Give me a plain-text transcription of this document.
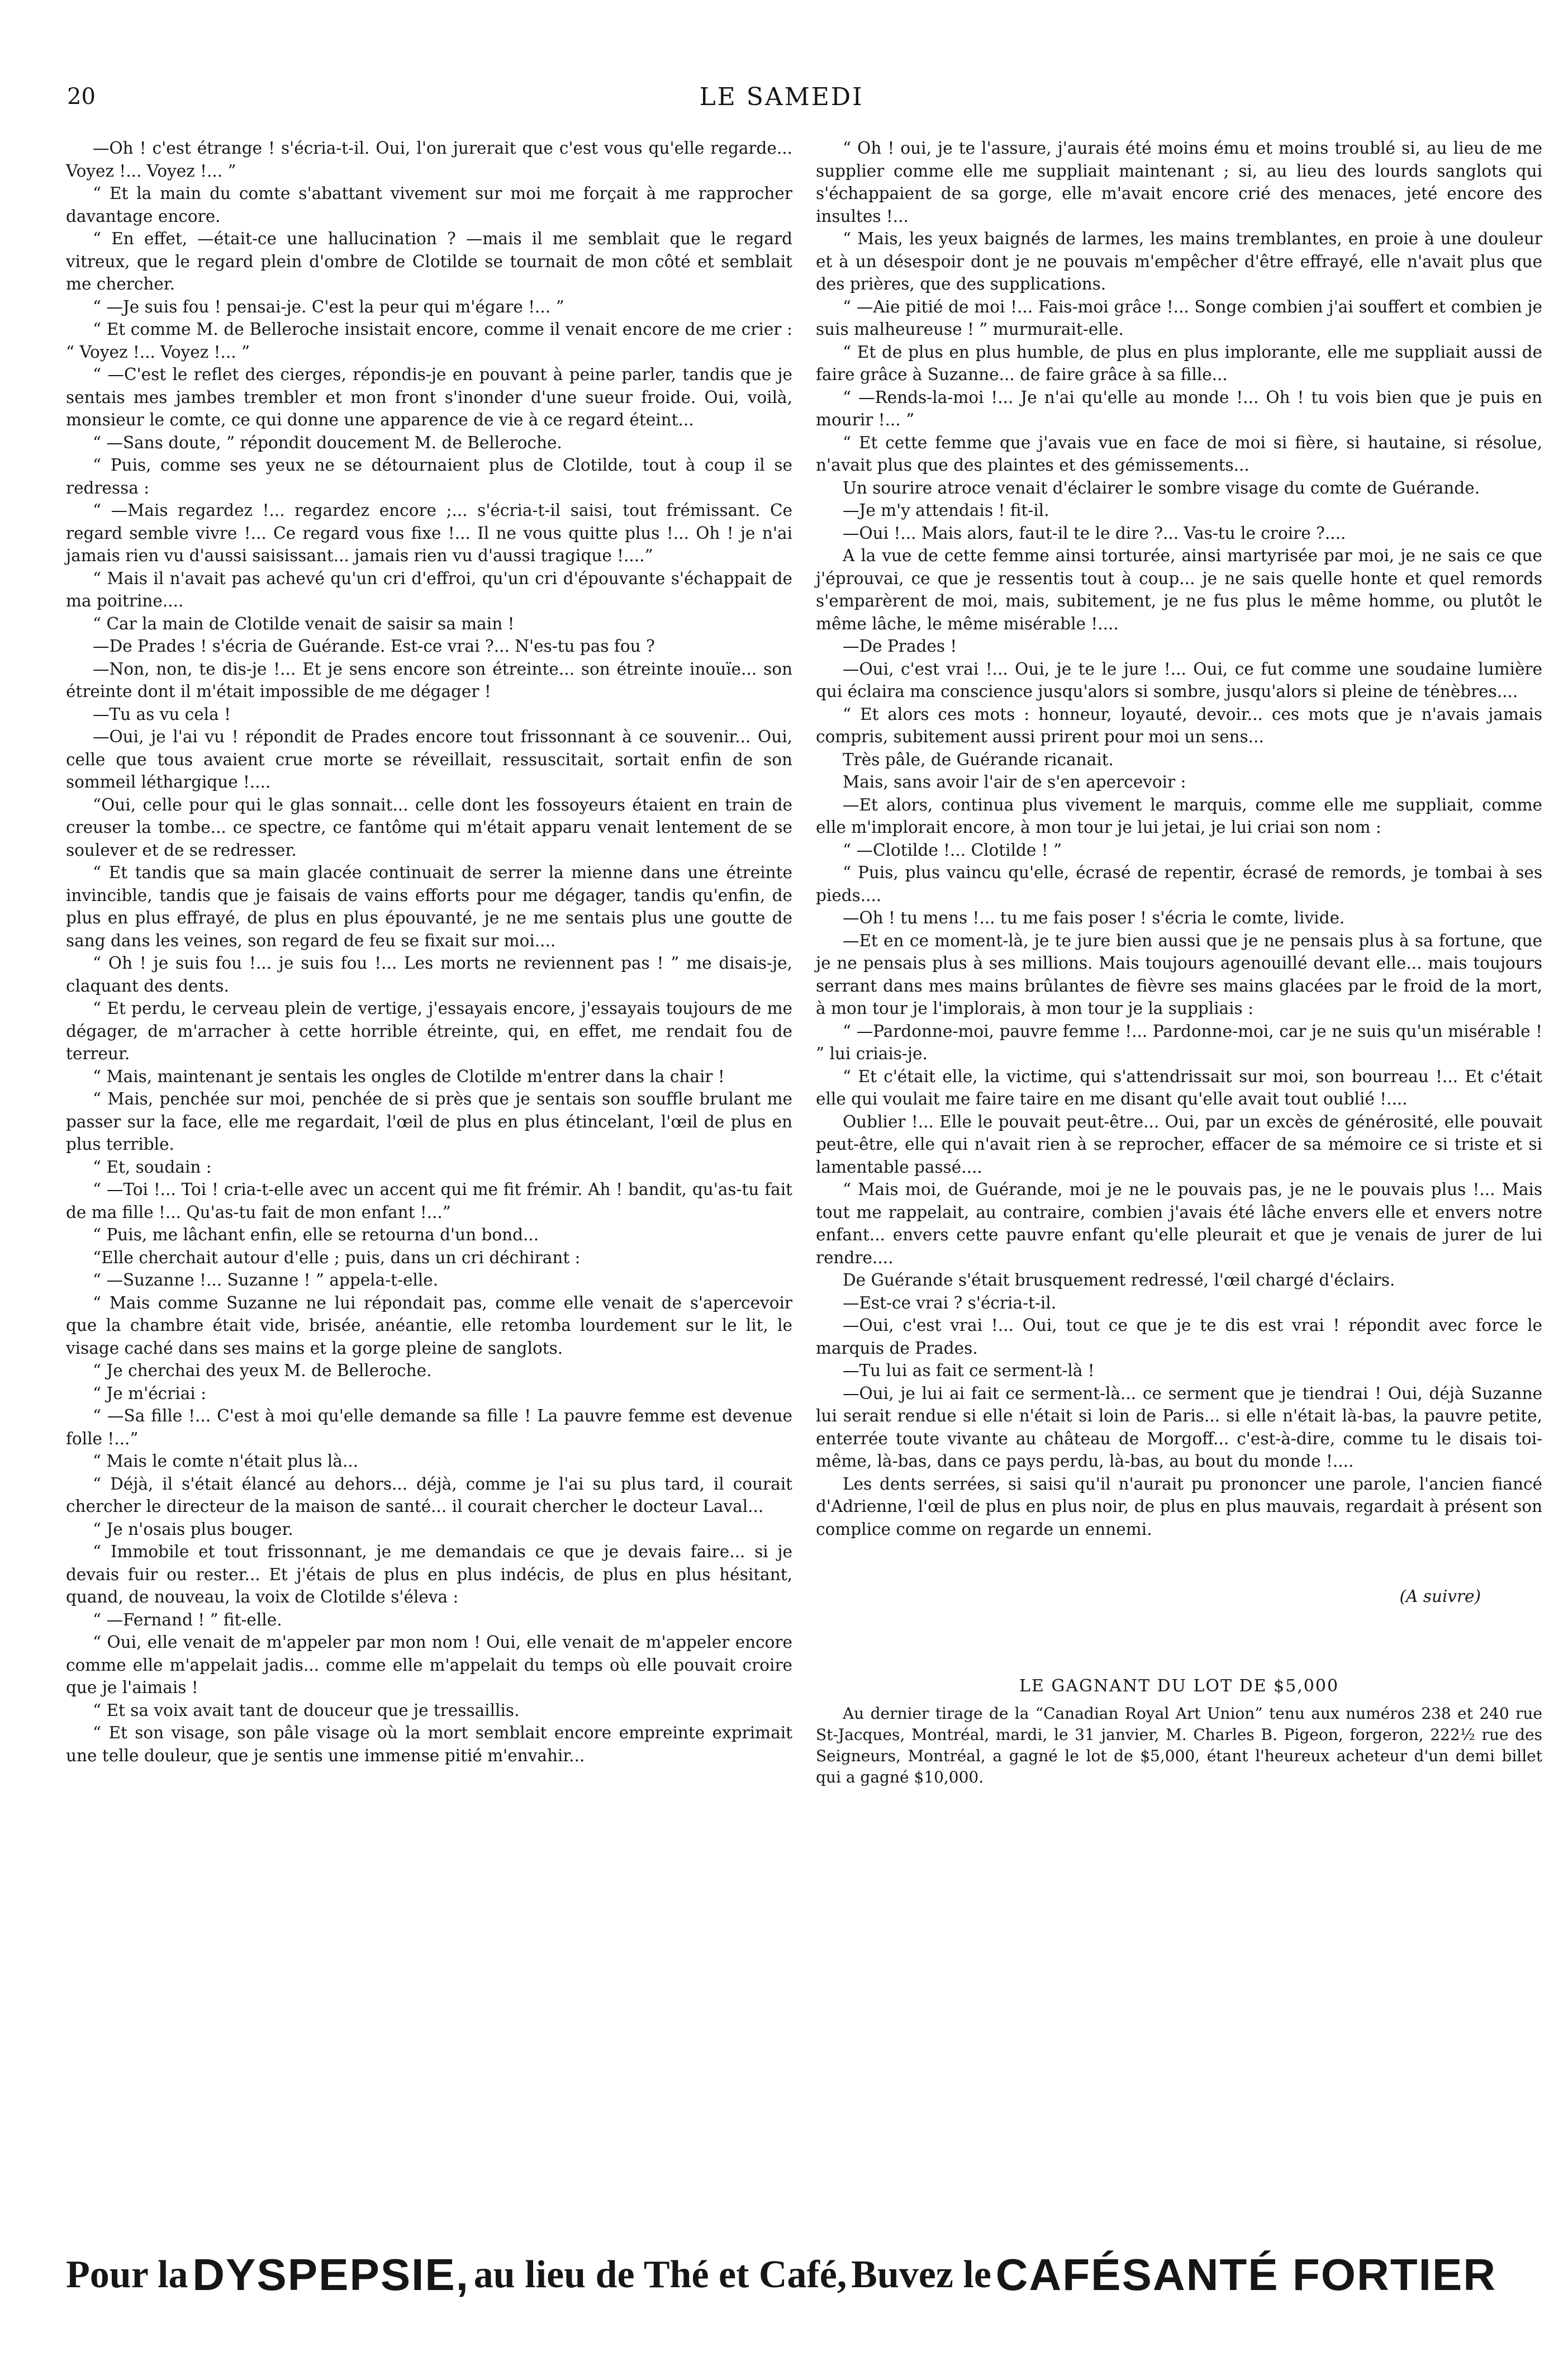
20	LE SAMEDI

—Oh ! c'est étrange ! s'écria-t-il. Oui, l'on jurerait que c'est vous qu'elle regarde... Voyez !... Voyez !... ”

“ Et la main du comte s'abattant vivement sur moi me forçait à me rapprocher davantage encore.

“ En effet, —était-ce une hallucination ? —mais il me semblait que le regard vitreux, que le regard plein d'ombre de Clotilde se tournait de mon côté et semblait me chercher.

“ —Je suis fou ! pensai-je. C'est la peur qui m'égare !... ”

“ Et comme M. de Belleroche insistait encore, comme il venait encore de me crier : “ Voyez !... Voyez !... ”

“ —C'est le reflet des cierges, répondis-je en pouvant à peine parler, tandis que je sentais mes jambes trembler et mon front s'inonder d'une sueur froide. Oui, voilà, monsieur le comte, ce qui donne une apparence de vie à ce regard éteint...

“ —Sans doute, ” répondit doucement M. de Belleroche.

“ Puis, comme ses yeux ne se détournaient plus de Clotilde, tout à coup il se redressa :

“ —Mais regardez !... regardez encore ;... s'écria-t-il saisi, tout frémissant. Ce regard semble vivre !... Ce regard vous fixe !... Il ne vous quitte plus !... Oh ! je n'ai jamais rien vu d'aussi saisissant... jamais rien vu d'aussi tragique !....”

“ Mais il n'avait pas achevé qu'un cri d'effroi, qu'un cri d'épouvante s'échappait de ma poitrine....

“ Car la main de Clotilde venait de saisir sa main !

—De Prades ! s'écria de Guérande. Est-ce vrai ?... N'es-tu pas fou ?

—Non, non, te dis-je !... Et je sens encore son étreinte... son étreinte inouïe... son étreinte dont il m'était impossible de me dégager !

—Tu as vu cela !

—Oui, je l'ai vu ! répondit de Prades encore tout frissonnant à ce souvenir... Oui, celle que tous avaient crue morte se réveillait, ressuscitait, sortait enfin de son sommeil léthargique !....

“Oui, celle pour qui le glas sonnait... celle dont les fossoyeurs étaient en train de creuser la tombe... ce spectre, ce fantôme qui m'était apparu venait lentement de se soulever et de se redresser.

“ Et tandis que sa main glacée continuait de serrer la mienne dans une étreinte invincible, tandis que je faisais de vains efforts pour me dégager, tandis qu'enfin, de plus en plus effrayé, de plus en plus épouvanté, je ne me sentais plus une goutte de sang dans les veines, son regard de feu se fixait sur moi....

“ Oh ! je suis fou !... je suis fou !... Les morts ne reviennent pas ! ” me disais-je, claquant des dents.

“ Et perdu, le cerveau plein de vertige, j'essayais encore, j'essayais toujours de me dégager, de m'arracher à cette horrible étreinte, qui, en effet, me rendait fou de terreur.

“ Mais, maintenant je sentais les ongles de Clotilde m'entrer dans la chair !

“ Mais, penchée sur moi, penchée de si près que je sentais son souffle brulant me passer sur la face, elle me regardait, l'œil de plus en plus étincelant, l'œil de plus en plus terrible.

“ Et, soudain :

“ —Toi !... Toi ! cria-t-elle avec un accent qui me fit frémir. Ah ! bandit, qu'as-tu fait de ma fille !... Qu'as-tu fait de mon enfant !...”

“ Puis, me lâchant enfin, elle se retourna d'un bond...

“Elle cherchait autour d'elle ; puis, dans un cri déchirant :

“ —Suzanne !... Suzanne ! ” appela-t-elle.

“ Mais comme Suzanne ne lui répondait pas, comme elle venait de s'apercevoir que la chambre était vide, brisée, anéantie, elle retomba lourdement sur le lit, le visage caché dans ses mains et la gorge pleine de sanglots.

“ Je cherchai des yeux M. de Belleroche.

“ Je m'écriai :

“ —Sa fille !... C'est à moi qu'elle demande sa fille ! La pauvre femme est devenue folle !...”

“ Mais le comte n'était plus là...

“ Déjà, il s'était élancé au dehors... déjà, comme je l'ai su plus tard, il courait chercher le directeur de la maison de santé... il courait chercher le docteur Laval...

“ Je n'osais plus bouger.

“ Immobile et tout frissonnant, je me demandais ce que je devais faire... si je devais fuir ou rester... Et j'étais de plus en plus indécis, de plus en plus hésitant, quand, de nouveau, la voix de Clotilde s'éleva :

“ —Fernand ! ” fit-elle.

“ Oui, elle venait de m'appeler par mon nom ! Oui, elle venait de m'appeler encore comme elle m'appelait jadis... comme elle m'appelait du temps où elle pouvait croire que je l'aimais !

“ Et sa voix avait tant de douceur que je tressaillis.

“ Et son visage, son pâle visage où la mort semblait encore empreinte exprimait une telle douleur, que je sentis une immense pitié m'envahir...

“ Oh ! oui, je te l'assure, j'aurais été moins ému et moins troublé si, au lieu de me supplier comme elle me suppliait maintenant ; si, au lieu des lourds sanglots qui s'échappaient de sa gorge, elle m'avait encore crié des menaces, jeté encore des insultes !...

“ Mais, les yeux baignés de larmes, les mains tremblantes, en proie à une douleur et à un désespoir dont je ne pouvais m'empêcher d'être effrayé, elle n'avait plus que des prières, que des supplications.

“ —Aie pitié de moi !... Fais-moi grâce !... Songe combien j'ai souffert et combien je suis malheureuse ! ” murmurait-elle.

“ Et de plus en plus humble, de plus en plus implorante, elle me suppliait aussi de faire grâce à Suzanne... de faire grâce à sa fille...

“ —Rends-la-moi !... Je n'ai qu'elle au monde !... Oh ! tu vois bien que je puis en mourir !... ”

“ Et cette femme que j'avais vue en face de moi si fière, si hautaine, si résolue, n'avait plus que des plaintes et des gémissements...

Un sourire atroce venait d'éclairer le sombre visage du comte de Guérande.

—Je m'y attendais ! fit-il.

—Oui !... Mais alors, faut-il te le dire ?... Vas-tu le croire ?....

A la vue de cette femme ainsi torturée, ainsi martyrisée par moi, je ne sais ce que j'éprouvai, ce que je ressentis tout à coup... je ne sais quelle honte et quel remords s'emparèrent de moi, mais, subitement, je ne fus plus le même homme, ou plutôt le même lâche, le même misérable !....

—De Prades !

—Oui, c'est vrai !... Oui, je te le jure !... Oui, ce fut comme une soudaine lumière qui éclaira ma conscience jusqu'alors si sombre, jusqu'alors si pleine de ténèbres....

“ Et alors ces mots : honneur, loyauté, devoir... ces mots que je n'avais jamais compris, subitement aussi prirent pour moi un sens...

Très pâle, de Guérande ricanait.

Mais, sans avoir l'air de s'en apercevoir :

—Et alors, continua plus vivement le marquis, comme elle me suppliait, comme elle m'implorait encore, à mon tour je lui jetai, je lui criai son nom :

“ —Clotilde !... Clotilde ! ”

“ Puis, plus vaincu qu'elle, écrasé de repentir, écrasé de remords, je tombai à ses pieds....

—Oh ! tu mens !... tu me fais poser ! s'écria le comte, livide.

—Et en ce moment-là, je te jure bien aussi que je ne pensais plus à sa fortune, que je ne pensais plus à ses millions. Mais toujours agenouillé devant elle... mais toujours serrant dans mes mains brûlantes de fièvre ses mains glacées par le froid de la mort, à mon tour je l'implorais, à mon tour je la suppliais :

“ —Pardonne-moi, pauvre femme !... Pardonne-moi, car je ne suis qu'un misérable ! ” lui criais-je.

“ Et c'était elle, la victime, qui s'attendrissait sur moi, son bourreau !... Et c'était elle qui voulait me faire taire en me disant qu'elle avait tout oublié !....

Oublier !... Elle le pouvait peut-être... Oui, par un excès de générosité, elle pouvait peut-être, elle qui n'avait rien à se reprocher, effacer de sa mémoire ce si triste et si lamentable passé....

“ Mais moi, de Guérande, moi je ne le pouvais pas, je ne le pouvais plus !... Mais tout me rappelait, au contraire, combien j'avais été lâche envers elle et envers notre enfant... envers cette pauvre enfant qu'elle pleurait et que je venais de jurer de lui rendre....

De Guérande s'était brusquement redressé, l'œil chargé d'éclairs.

—Est-ce vrai ? s'écria-t-il.

—Oui, c'est vrai !... Oui, tout ce que je te dis est vrai ! répondit avec force le marquis de Prades.

—Tu lui as fait ce serment-là !

—Oui, je lui ai fait ce serment-là... ce serment que je tiendrai ! Oui, déjà Suzanne lui serait rendue si elle n'était si loin de Paris... si elle n'était là-bas, la pauvre petite, enterrée toute vivante au château de Morgoff... c'est-à-dire, comme tu le disais toi-même, là-bas, dans ce pays perdu, là-bas, au bout du monde !....

Les dents serrées, si saisi qu'il n'aurait pu prononcer une parole, l'ancien fiancé d'Adrienne, l'œil de plus en plus noir, de plus en plus mauvais, regardait à présent son complice comme on regarde un ennemi.

(A suivre)

LE GAGNANT DU LOT DE $5,000

Au dernier tirage de la “Canadian Royal Art Union” tenu aux numéros 238 et 240 rue St-Jacques, Montréal, mardi, le 31 janvier, M. Charles B. Pigeon, forgeron, 222½ rue des Seigneurs, Montréal, a gagné le lot de $5,000, étant l'heureux acheteur d'un demi billet qui a gagné $10,000.

Pour la DYSPEPSIE, au lieu de Thé et Café, Buvez le CAFÉSANTÉ FORTIER
